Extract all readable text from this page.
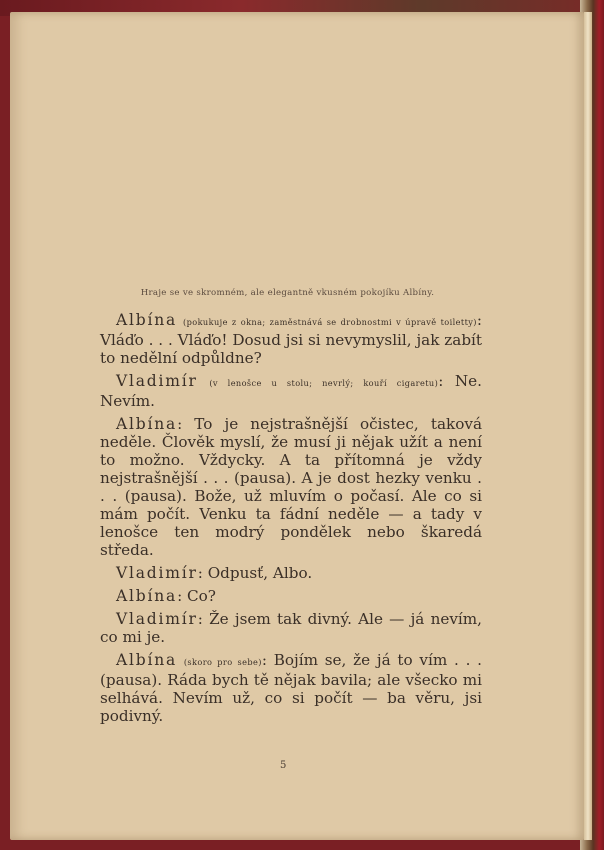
Hraje se ve skromném, ale elegantně vkusném pokojíku Albíny.

Albína (pokukuje z okna; zaměstnává se drobnostmi v úpravě toiletty): Vláďo . . . Vláďo! Dosud jsi si nevymyslil, jak zabít to nedělní odpůldne?

Vladimír (v lenošce u stolu; nevrlý; kouří cigaretu): Ne. Nevím.

Albína: To je nejstrašnější očistec, taková neděle. Člověk myslí, že musí ji nějak užít a není to možno. Vždycky. A ta přítomná je vždy nejstrašnější . . . (pausa). A je dost hezky venku . . . (pausa). Bože, už mluvím o počasí. Ale co si mám počít. Venku ta fádní neděle — a tady v lenošce ten modrý pondělek nebo škaredá středa.

Vladimír: Odpusť, Albo.

Albína: Co?

Vladimír: Že jsem tak divný. Ale — já nevím, co mi je.

Albína (skoro pro sebe): Bojím se, že já to vím . . . (pausa). Ráda bych tě nějak bavila; ale všecko mi selhává. Nevím už, co si počít — ba věru, jsi podivný.

5
